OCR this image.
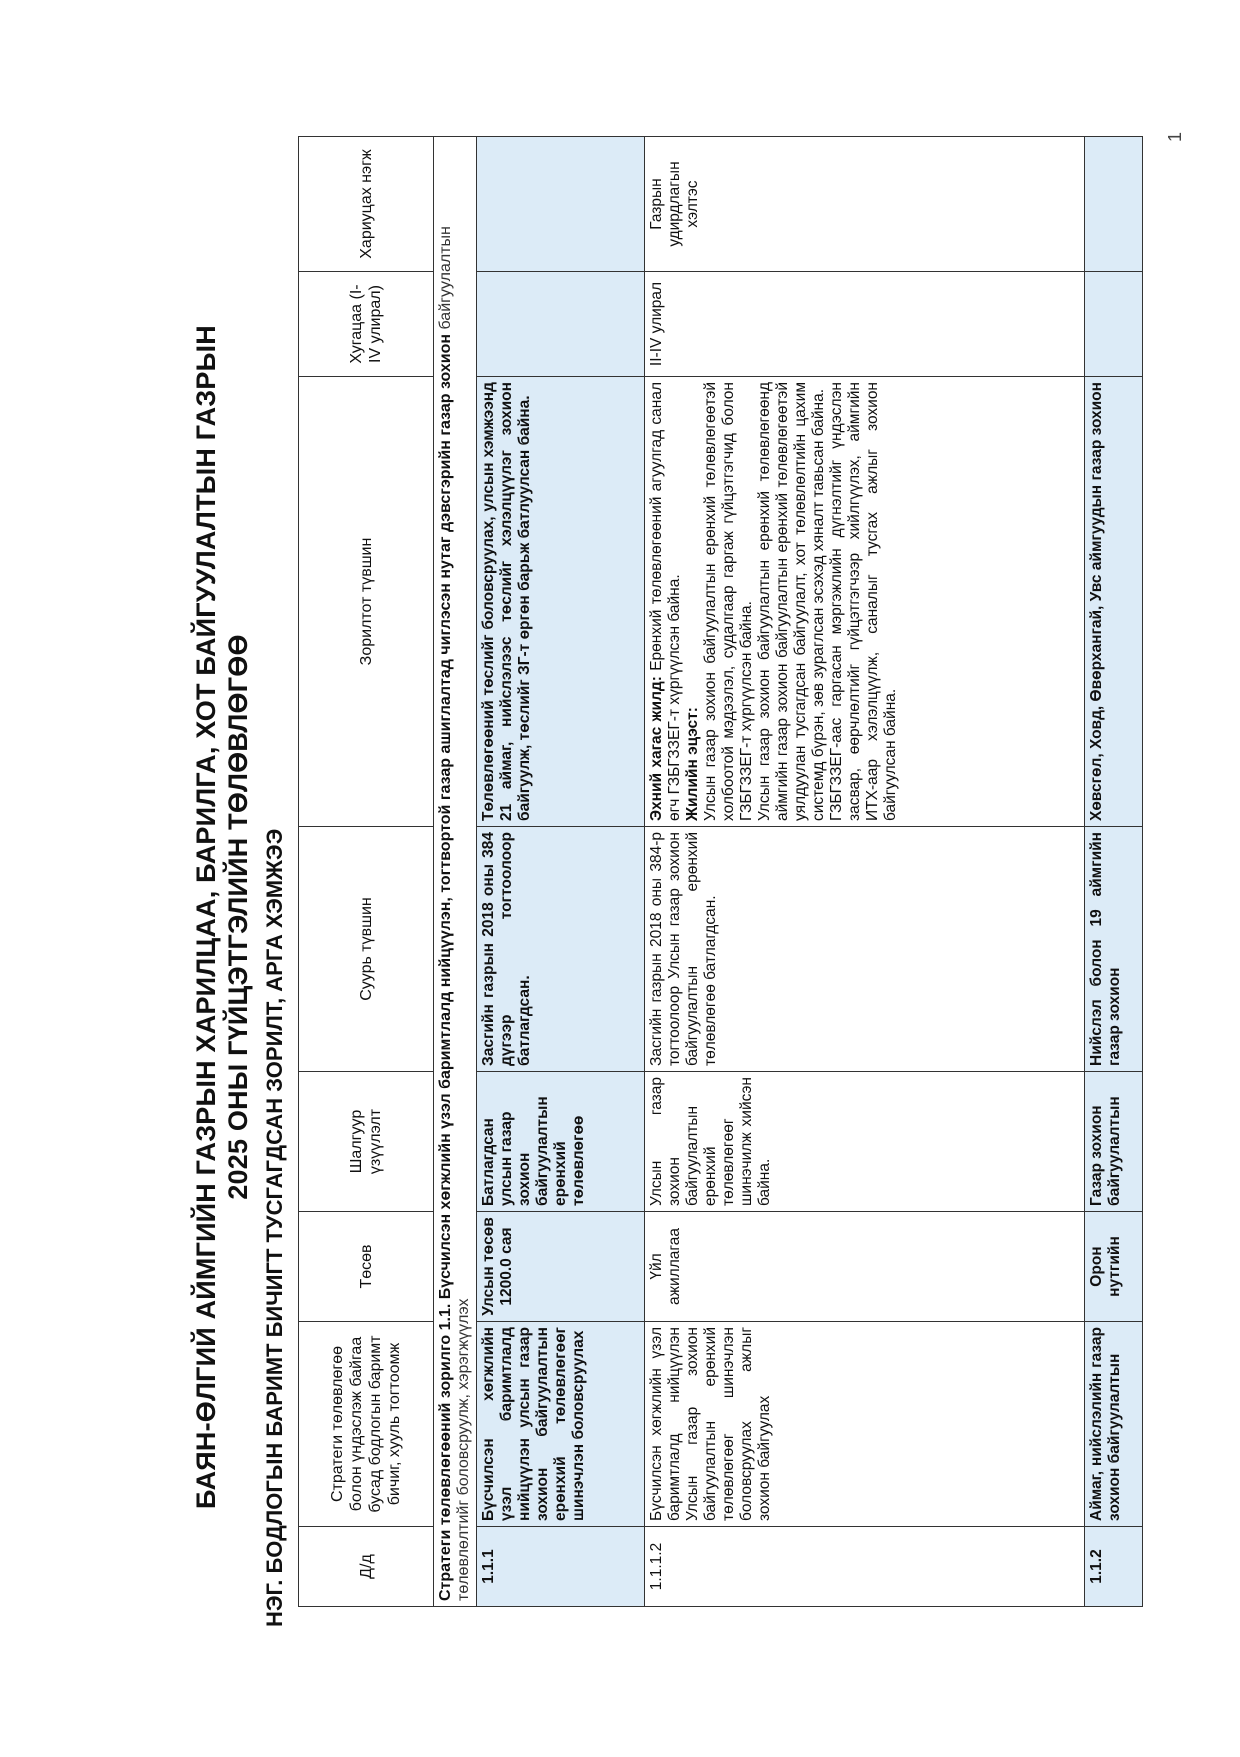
БАЯН-ӨЛГИЙ АЙМГИЙН ГАЗРЫН ХАРИЛЦАА, БАРИЛГА, ХОТ БАЙГУУЛАЛТЫН ГАЗРЫН 2025 ОНЫ ГҮЙЦЭТГЭЛИЙН ТӨЛӨВЛӨГӨӨ НЭГ. БОДЛОГЫН БАРИМТ БИЧИГТ ТУСГАГДСАН ЗОРИЛТ, АРГА ХЭМЖЭЭ	Д/д	Стратеги төлөвлөгөө болон үндэслэж байгаа бусад бодлогын баримт бичиг, хууль тогтоомж	Төсөв	Шалгуур үзүүлэлт	Суурь түвшин	Зорилтот түвшин	Хугацаа (I-IV улирал)	Хариуцах нэгж
Стратеги төлөвлөгөөний зорилго 1.1. Бүсчилсэн хөгжлийн үзэл баримтлалд нийцүүлэн, тогтвортой газар ашиглалтад чиглэсэн нутаг дэвсгэрийн газар зохион байгуулалтын төлөвлөлтийг боловсруулж, хэрэгжүүлэх							
1.1.1	Бүсчилсэн хөгжлийн үзэл баримтлалд нийцүүлэн улсын газар зохион байгуулалтын ерөнхий төлөвлөгөөг шинэчлэн боловсруулах	Улсын төсөв 1200.0 сая	Батлагдсан улсын газар зохион байгуулалтын ерөнхий төлөвлөгөө	Засгийн газрын 2018 оны 384 дүгээр тогтоолоор батлагдсан.	Төлөвлөгөөний төслийг боловсруулах, улсын хэмжээнд 21 аймаг, нийслэлээс төслийг хэлэлцүүлэг зохион байгуулж, төслийг ЗГ-т өргөн барьж батлуулсан байна.		
1.1.1.2	Бүсчилсэн хөгжлийн үзэл баримтлалд нийцүүлэн Улсын газар зохион байгуулалтын ерөнхий төлөвлөгөөг шинэчлэн боловсруулах ажлыг зохион байгуулах	Үйл ажиллагаа	Улсын газар зохион байгуулалтын ерөнхий төлөвлөгөөг шинэчилж хийсэн байна.	Засгийн газрын 2018 оны 384-р тогтоолоор Улсын газар зохион байгуулалтын ерөнхий төлөвлөгөө батлагдсан.	Эхний хагас жилд: Ерөнхий төлөвлөгөөний агуулгад санал өгч ГЗБГЗЗЕГ-т хүргүүлсэн байна. Жилийн эцэст: Улсын газар зохион байгуулалтын ерөнхий төлөвлөгөөтэй холбоотой мэдээлэл, судалгаар гаргаж гүйцэтгэгчид болон ГЗБГЗЗЕГ-т хүргүүлсэн байна. Улсын газар зохион байгуулалтын ерөнхий төлөвлөгөөнд аймгийн газар зохион байгуулалтын ерөнхий төлөвлөгөөтэй уялдуулан тусгагдсан байгуулалт, хот төлөвлөлтийн цахим системд бүрэн, зөв зураглсан эсэхэд хяналт тавьсан байна. ГЗБГЗЗЕГ-аас гаргасан мэргэжлийн дүгнэлтийг үндэслэн засвар, өөрчлөлтийг гүйцэтгэгчээр хийлгүүлэх, аймгийн ИТХ-аар хэлэлцүүлж, саналыг тусгах ажлыг зохион байгуулсан байна.	II-IV улирал	Газрын удирдлагын хэлтэс
1.1.2	Аймаг, нийслэлийн газар зохион байгуулалтын	Орон нутгийн	Газар зохион байгуулалтын	Нийслэл болон 19 аймгийн газар зохион	Хөвсгөл, Ховд, Өвөрхангай, Увс аймгуудын газар зохион		
1
